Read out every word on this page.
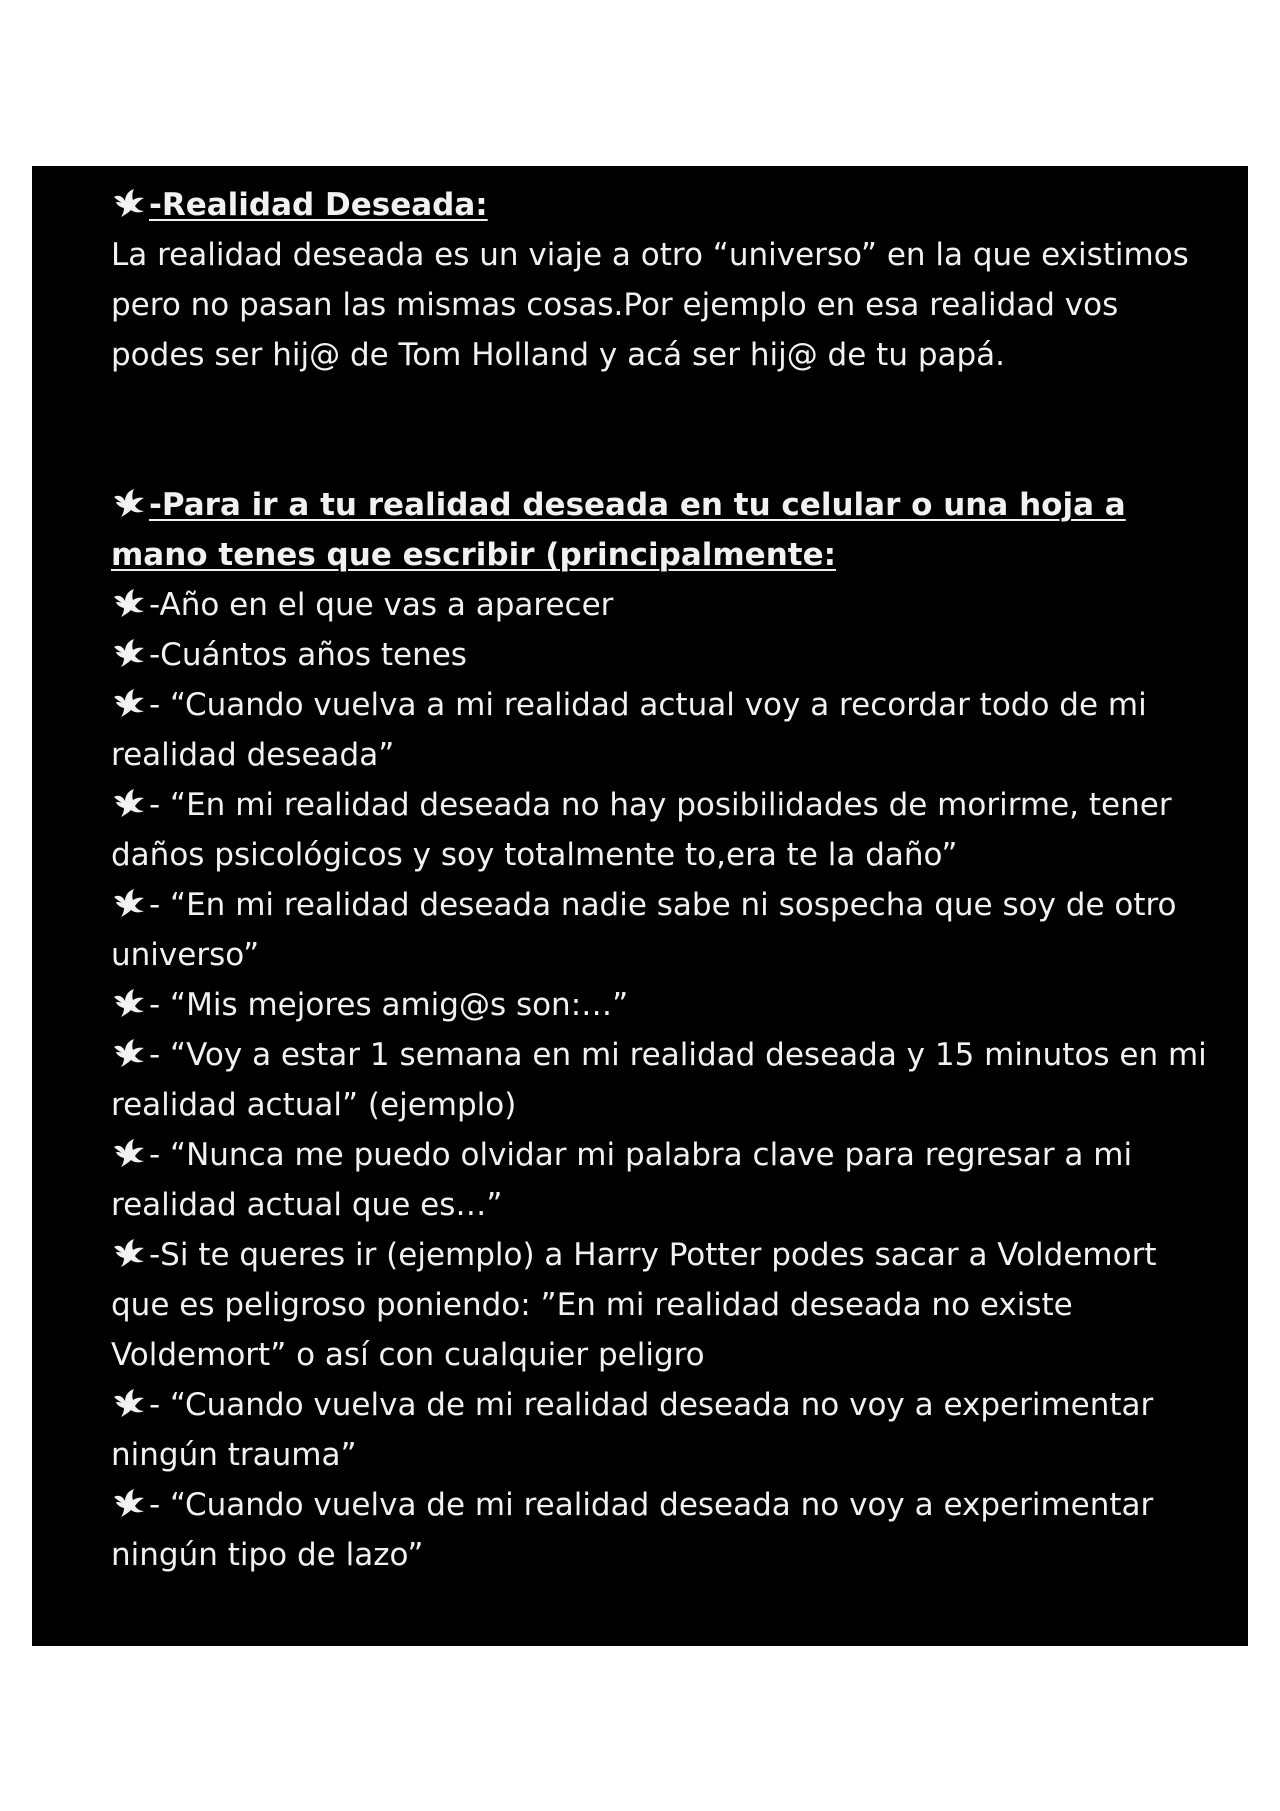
-Realidad Deseada:

La realidad deseada es un viaje a otro “universo” en la que existimos pero no pasan las mismas cosas.Por ejemplo en esa realidad vos podes ser hij@ de Tom Holland y acá ser hij@ de tu papá.

-Para ir a tu realidad deseada en tu celular o una hoja a mano tenes que escribir (principalmente:

-Año en el que vas a aparecer

-Cuántos años tenes

- “Cuando vuelva a mi realidad actual voy a recordar todo de mi realidad deseada”

- “En mi realidad deseada no hay posibilidades de morirme, tener daños psicológicos y soy totalmente to,era te la daño”

- “En mi realidad deseada nadie sabe ni sospecha que soy de otro universo”

- “Mis mejores amig@s son:…”

- “Voy a estar 1 semana en mi realidad deseada y 15 minutos en mi realidad actual” (ejemplo)

- “Nunca me puedo olvidar mi palabra clave para regresar a mi realidad actual que es…”

-Si te queres ir (ejemplo) a Harry Potter podes sacar a Voldemort que es peligroso poniendo: ”En mi realidad deseada no existe Voldemort” o así con cualquier peligro

- “Cuando vuelva de mi realidad deseada no voy a experimentar ningún trauma”

- “Cuando vuelva de mi realidad deseada no voy a experimentar ningún tipo de lazo”
